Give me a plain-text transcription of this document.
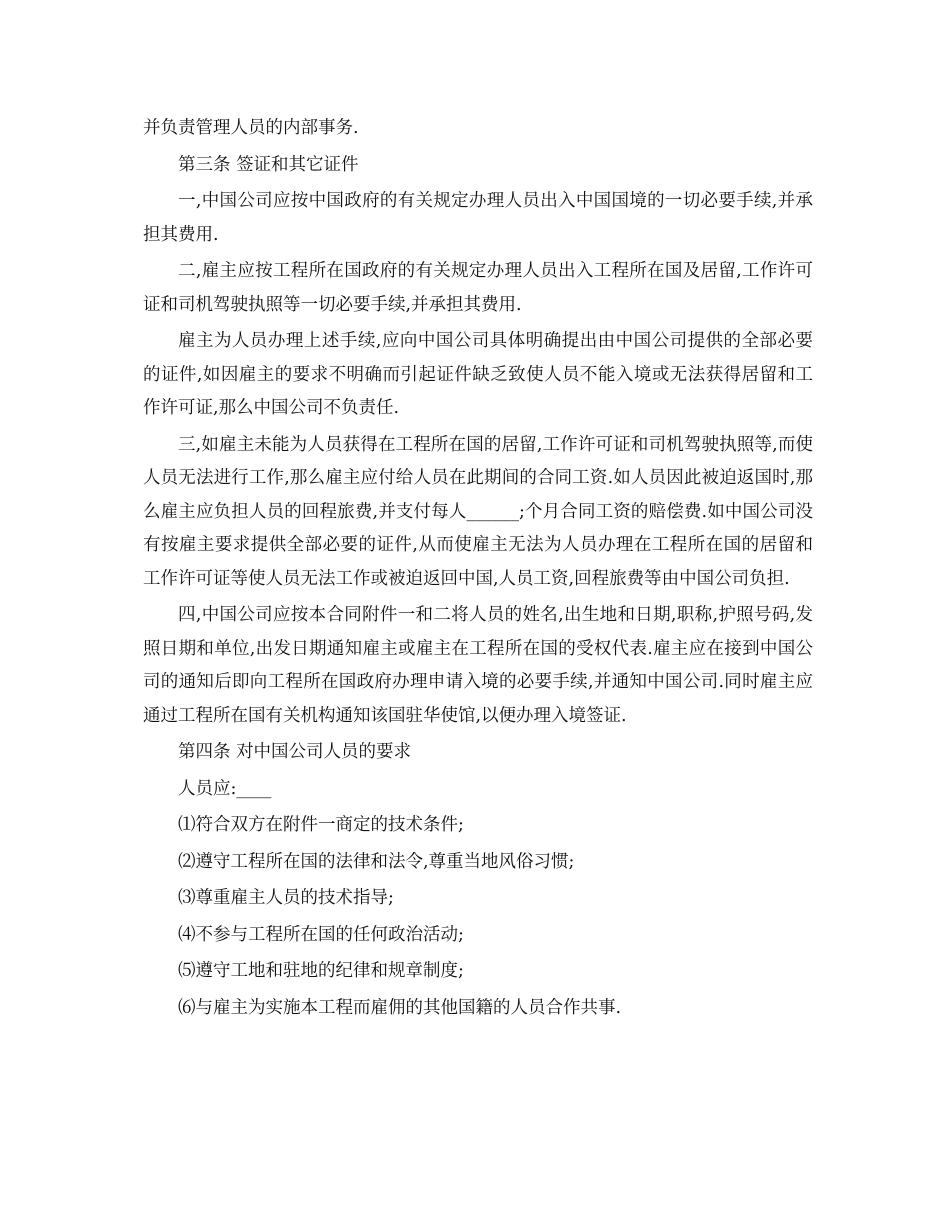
并负责管理人员的内部事务.

第三条 签证和其它证件

一,中国公司应按中国政府的有关规定办理人员出入中国国境的一切必要手续,并承担其费用.

二,雇主应按工程所在国政府的有关规定办理人员出入工程所在国及居留,工作许可证和司机驾驶执照等一切必要手续,并承担其费用.

雇主为人员办理上述手续,应向中国公司具体明确提出由中国公司提供的全部必要的证件,如因雇主的要求不明确而引起证件缺乏致使人员不能入境或无法获得居留和工作许可证,那么中国公司不负责任.

三,如雇主未能为人员获得在工程所在国的居留,工作许可证和司机驾驶执照等,而使人员无法进行工作,那么雇主应付给人员在此期间的合同工资.如人员因此被迫返国时,那么雇主应负担人员的回程旅费,并支付每人______;个月合同工资的赔偿费.如中国公司没有按雇主要求提供全部必要的证件,从而使雇主无法为人员办理在工程所在国的居留和工作许可证等使人员无法工作或被迫返回中国,人员工资,回程旅费等由中国公司负担.

四,中国公司应按本合同附件一和二将人员的姓名,出生地和日期,职称,护照号码,发照日期和单位,出发日期通知雇主或雇主在工程所在国的受权代表.雇主应在接到中国公司的通知后即向工程所在国政府办理申请入境的必要手续,并通知中国公司.同时雇主应通过工程所在国有关机构通知该国驻华使馆,以便办理入境签证.

第四条 对中国公司人员的要求

人员应:____

⑴符合双方在附件一商定的技术条件;

⑵遵守工程所在国的法律和法令,尊重当地风俗习惯;

⑶尊重雇主人员的技术指导;

⑷不参与工程所在国的任何政治活动;

⑸遵守工地和驻地的纪律和规章制度;

⑹与雇主为实施本工程而雇佣的其他国籍的人员合作共事.
